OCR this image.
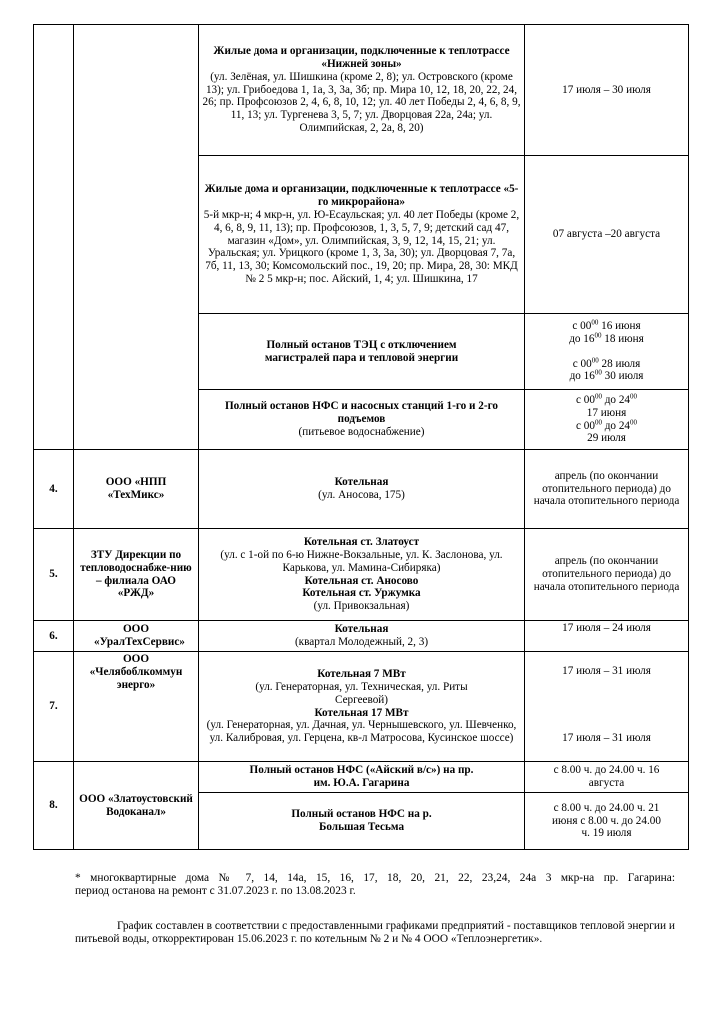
		Жилые дома и организации, подключенные к теплотрассе «Нижней зоны»
(ул. Зелёная, ул. Шишкина (кроме 2, 8); ул. Островского (кроме 13); ул. Грибоедова 1, 1а, 3, 3а, 3б; пр. Мира 10, 12, 18, 20, 22, 24, 26; пр. Профсоюзов 2, 4, 6, 8, 10, 12; ул. 40 лет Победы 2, 4, 6, 8, 9, 11, 13; ул. Тургенева 3, 5, 7; ул. Дворцовая 22а, 24а; ул. Олимпийская, 2, 2а, 8, 20)	17 июля – 30 июля

		Жилые дома и организации, подключенные к теплотрассе «5-го микрорайона»
5-й мкр-н; 4 мкр-н, ул. Ю-Есаульская; ул. 40 лет Победы (кроме 2, 4, 6, 8, 9, 11, 13); пр. Профсоюзов, 1, 3, 5, 7, 9; детский сад 47, магазин «Дом», ул. Олимпийская, 3, 9, 12, 14, 15, 21; ул. Уральская; ул. Урицкого (кроме 1, 3, 3а, 30); ул. Дворцовая 7, 7а, 7б, 11, 13, 30; Комсомольский пос., 19, 20; пр. Мира, 28, 30: МКД № 2 5 мкр-н; пос. Айский, 1, 4; ул. Шишкина, 17	07 августа –20 августа

		Полный останов ТЭЦ с отключением магистралей пара и тепловой энергии	с $00^{00}$ 16 июня
до $16^{00}$ 18 июня
с $00^{00}$ 28 июля
до $16^{00}$ 30 июля

		Полный останов НФС и насосных станций 1-го и 2-го подъемов
(питьевое водоснабжение)	с $00^{00}$ до $24^{00}$
17 июня
с $00^{00}$ до $24^{00}$
29 июля

4.	ООО «НПП «ТехМикс»	Котельная
(ул. Аносова, 175)	апрель (по окончании отопительного периода) до начала отопительного периода
5.	ЗТУ Дирекции по тепловодоснабже-нию – филиала ОАО «РЖД»	Котельная ст. Златоуст
(ул. с 1-ой по 6-ю Нижне-Вокзальные, ул. К. Заслонова, ул. Карькова, ул. Мамина-Сибиряка)
Котельная ст. Аносово
Котельная ст. Уржумка
(ул. Привокзальная)	апрель (по окончании отопительного периода) до начала отопительного периода
6.	ООО «УралТехСервис»	Котельная
(квартал Молодежный, 2, 3)	17 июля – 24 июля
7.	ООО «Челябоблкоммун энерго»	Котельная 7 МВт
(ул. Генераторная, ул. Техническая, ул. Риты Сергеевой)
Котельная 17 МВт
(ул. Генераторная, ул. Дачная, ул. Чернышевского, ул. Шевченко, ул. Калибровая, ул. Герцена, кв-л Матросова, Кусинское шоссе)	17 июля – 31 июля
17 июля – 31 июля

8.	ООО «Златоустовский Водоканал»	Полный останов НФС («Айский в/с») на пр. им. Ю.А. Гагарина	с 8.00 ч. до 24.00 ч. 16 августа

		Полный останов НФС на р. Большая Тесьма	с 8.00 ч. до 24.00 ч. 21 июня с 8.00 ч. до 24.00 ч. 19 июля
* многоквартирные дома № 7, 14, 14а, 15, 16, 17, 18, 20, 21, 22, 23,24, 24а 3 мкр-на пр. Гагарина:
период останова на ремонт с 31.07.2023 г. по 13.08.2023 г.
График составлен в соответствии с предоставленными графиками предприятий - поставщиков тепловой энергии и питьевой воды, откорректирован 15.06.2023 г. по котельным № 2 и № 4 ООО «Теплоэнергетик».
